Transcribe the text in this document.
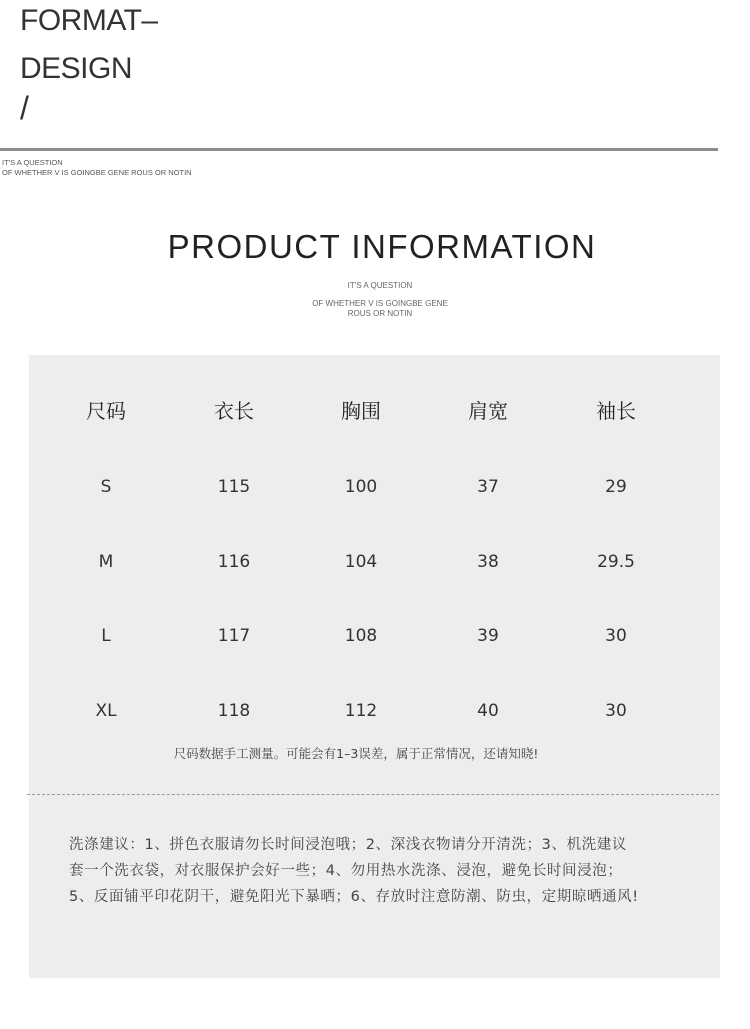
FORMAT–
DESIGN
/
IT'S A QUESTION
OF WHETHER V IS GOINGBE GENE ROUS OR NOTIN
PRODUCT INFORMATION
IT'S A QUESTION
OF WHETHER V IS GOINGBE GENE
ROUS OR NOTIN
尺码	衣长	胸围	肩宽	袖长
S	115	100	37	29
M	116	104	38	29.5
L	117	108	39	30
XL	118	112	40	30
尺码数据手工测量。可能会有1–3误差，属于正常情况，还请知晓!
洗涤建议：1、拼色衣服请勿长时间浸泡哦；2、深浅衣物请分开清洗；3、机洗建议
套一个洗衣袋，对衣服保护会好一些；4、勿用热水洗涤、浸泡，避免长时间浸泡；
5、反面铺平印花阴干，避免阳光下暴晒；6、存放时注意防潮、防虫，定期晾晒通风!
